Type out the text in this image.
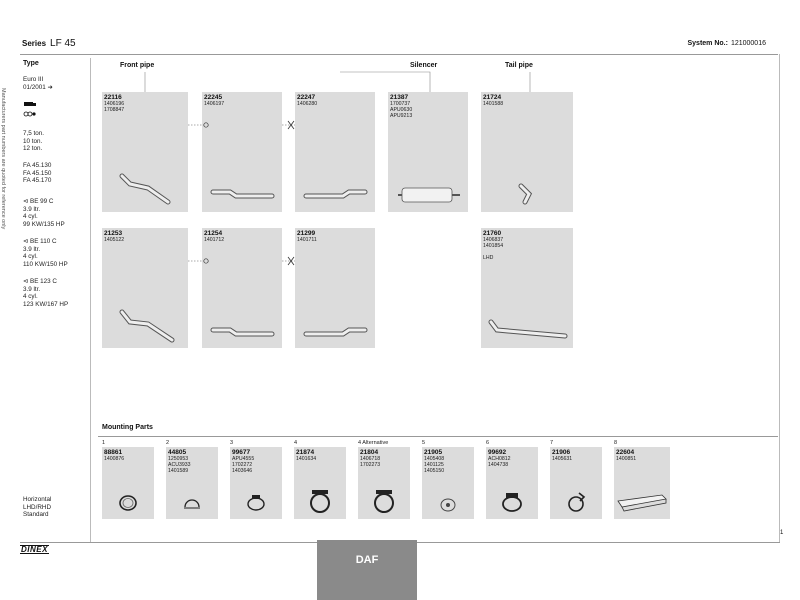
Series LF 45	System No.: 121000016
Type
Euro III
01/2001 ➜
7,5 ton.
10 ton.
12 ton.
FA 45.130
FA 45.150
FA 45.170
⊲ BE 99 C
3.9 ltr.
4 cyl.
99 KW/135 HP
⊲ BE 110 C
3.9 ltr.
4 cyl.
110 KW/150 HP
⊲ BE 123 C
3.9 ltr.
4 cyl.
123 KW/167 HP
Horizontal
LHD/RHD
Standard
Manufacturers part numbers are quoted for reference only
Front pipe	Silencer	Tail pipe
22116
1406196
1708847
22245
1406197
22247
1406280
21387
1700737
APU0630
APU9213
21724
1401588
21253
1405122
21254
1401712
21299
1401711
21760
1406837
1401854

LHD
Mounting Parts
1
88861
1400876
2
44805
1250953
ACU3933
1401589
3
99677
APU4555
1702272
1403646
4
21874
1401634
4 Alternative
21804
1406718
1702273
5
21905
1405408
1401125
1405150
6
99692
ACH0812
1404738
7
21906
1405631
8
22604
1400851
1
DINEX
DAF
